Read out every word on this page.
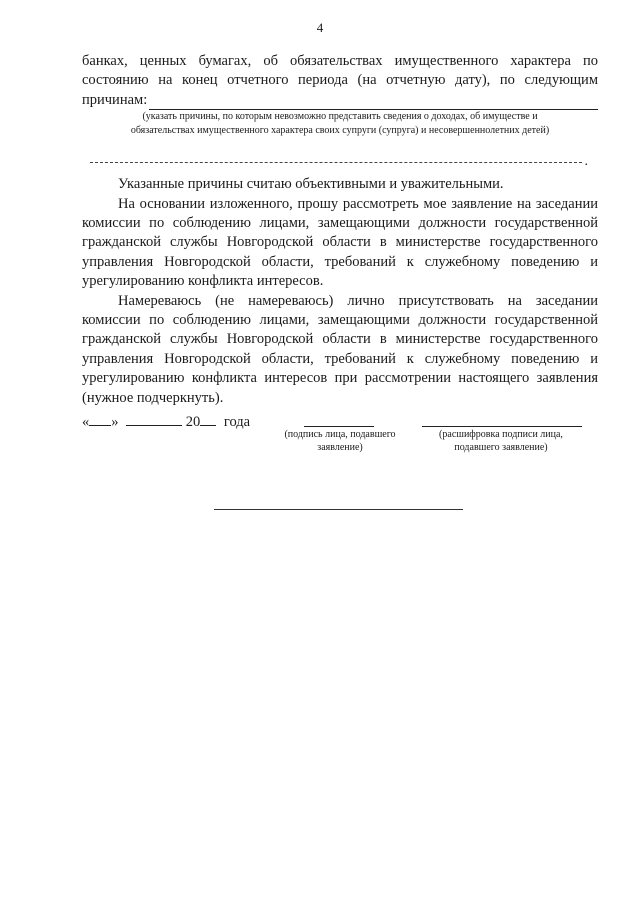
4

банках, ценных бумагах, об обязательствах имущественного характера по

состоянию на конец отчетного периода (на отчетную дату), по следующим

причинам:

(указать причины, по которым невозможно представить сведения о доходах, об имуществе и

обязательствах имущественного характера своих супруги (супруга) и несовершеннолетних детей)

.

Указанные причины считаю объективными и уважительными.

На основании изложенного, прошу рассмотреть мое заявление на заседании комиссии по соблюдению лицами, замещающими должности государственной гражданской службы Новгородской области в министерстве государственного управления Новгородской области, требований к служебному поведению и урегулированию конфликта интересов.

Намереваюсь (не намереваюсь) лично присутствовать на заседании комиссии по соблюдению лицами, замещающими должности государственной гражданской службы Новгородской области в министерстве государственного управления Новгородской области, требований к служебному поведению и урегулированию конфликта интересов при рассмотрении настоящего заявления (нужное подчеркнуть).

« »	20 года
(подпись лица, подавшего заявление)
(расшифровка подписи лица, подавшего заявление)
